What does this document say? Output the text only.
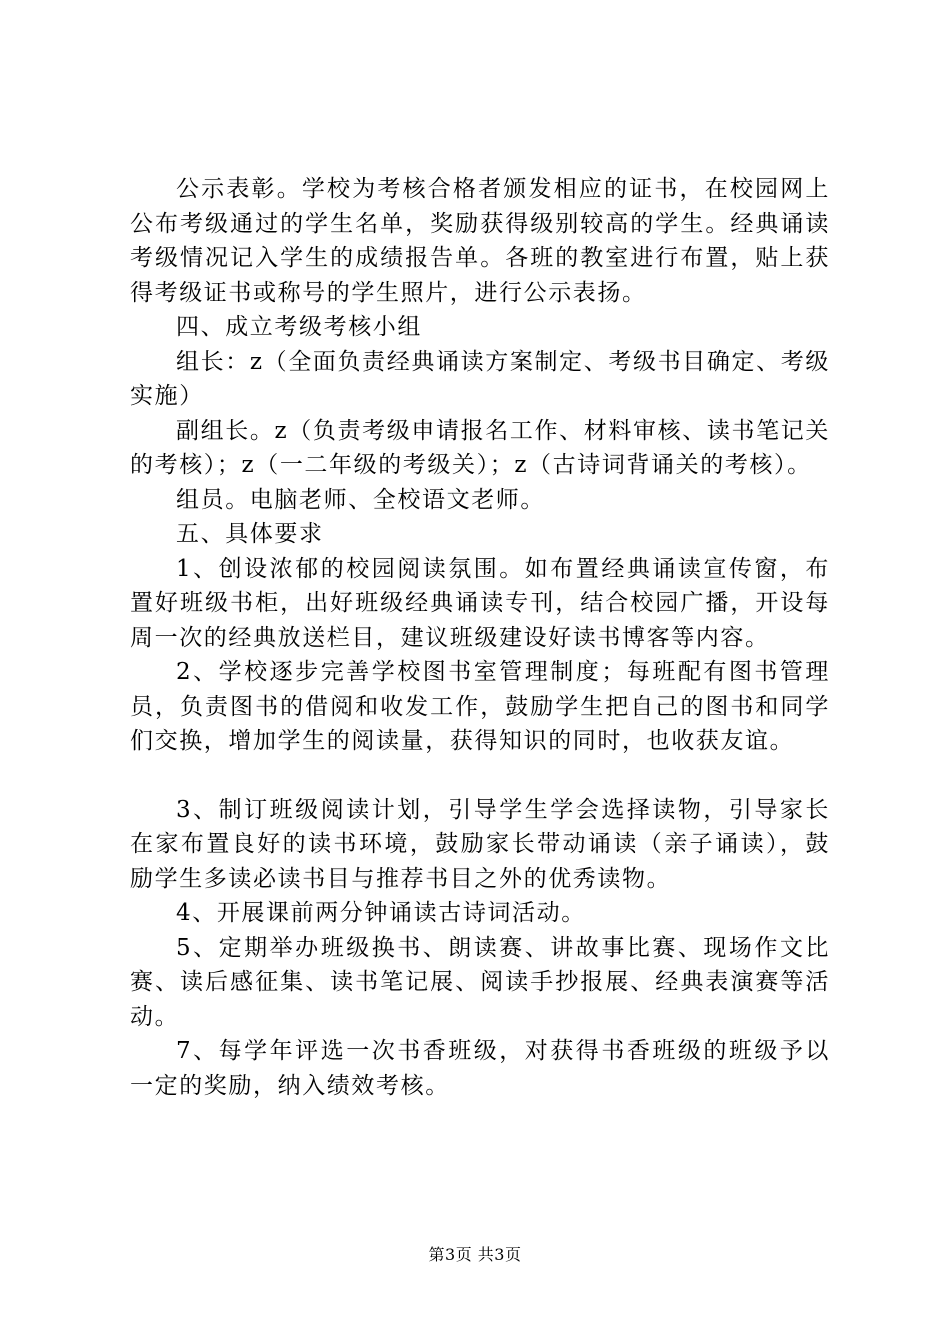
公示表彰。学校为考核合格者颁发相应的证书，在校园网上公布考级通过的学生名单，奖励获得级别较高的学生。经典诵读考级情况记入学生的成绩报告单。各班的教室进行布置，贴上获得考级证书或称号的学生照片，进行公示表扬。

四、成立考级考核小组

组长：z（全面负责经典诵读方案制定、考级书目确定、考级实施）

副组长。z（负责考级申请报名工作、材料审核、读书笔记关的考核）；z（一二年级的考级关）；z（古诗词背诵关的考核）。

组员。电脑老师、全校语文老师。

五、具体要求

1、创设浓郁的校园阅读氛围。如布置经典诵读宣传窗，布置好班级书柜，出好班级经典诵读专刊，结合校园广播，开设每周一次的经典放送栏目，建议班级建设好读书博客等内容。

2、学校逐步完善学校图书室管理制度；每班配有图书管理员，负责图书的借阅和收发工作，鼓励学生把自己的图书和同学们交换，增加学生的阅读量，获得知识的同时，也收获友谊。

3、制订班级阅读计划，引导学生学会选择读物，引导家长在家布置良好的读书环境，鼓励家长带动诵读（亲子诵读），鼓励学生多读必读书目与推荐书目之外的优秀读物。

4、开展课前两分钟诵读古诗词活动。

5、定期举办班级换书、朗读赛、讲故事比赛、现场作文比赛、读后感征集、读书笔记展、阅读手抄报展、经典表演赛等活动。

7、每学年评选一次书香班级，对获得书香班级的班级予以一定的奖励，纳入绩效考核。

第3页 共3页
